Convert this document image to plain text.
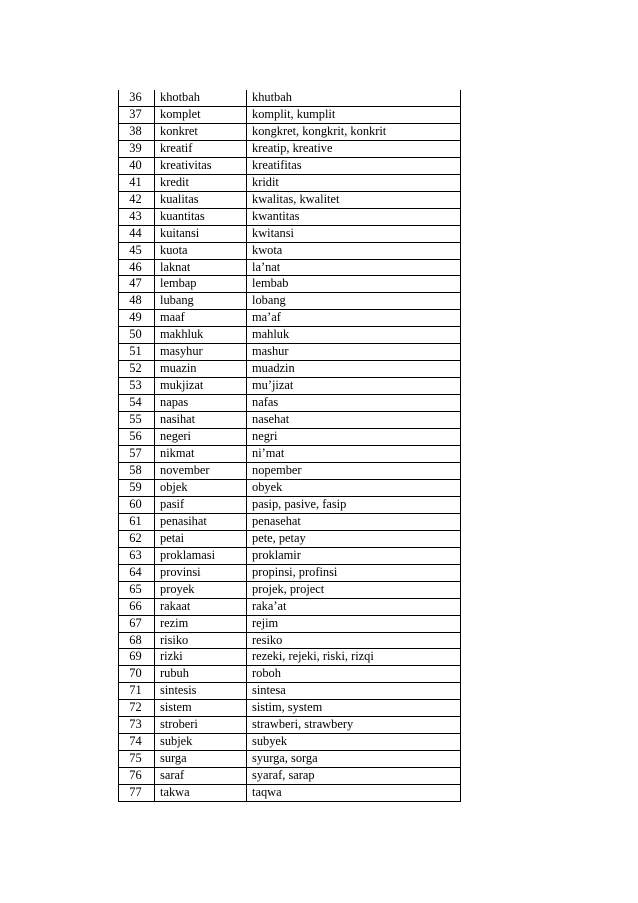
36	khotbah	khutbah
37	komplet	komplit, kumplit
38	konkret	kongkret, kongkrit, konkrit
39	kreatif	kreatip, kreative
40	kreativitas	kreatifitas
41	kredit	kridit
42	kualitas	kwalitas, kwalitet
43	kuantitas	kwantitas
44	kuitansi	kwitansi
45	kuota	kwota
46	laknat	la’nat
47	lembap	lembab
48	lubang	lobang
49	maaf	ma’af
50	makhluk	mahluk
51	masyhur	mashur
52	muazin	muadzin
53	mukjizat	mu’jizat
54	napas	nafas
55	nasihat	nasehat
56	negeri	negri
57	nikmat	ni’mat
58	november	nopember
59	objek	obyek
60	pasif	pasip, pasive, fasip
61	penasihat	penasehat
62	petai	pete, petay
63	proklamasi	proklamir
64	provinsi	propinsi, profinsi
65	proyek	projek, project
66	rakaat	raka’at
67	rezim	rejim
68	risiko	resiko
69	rizki	rezeki, rejeki, riski, rizqi
70	rubuh	roboh
71	sintesis	sintesa
72	sistem	sistim, system
73	stroberi	strawberi, strawbery
74	subjek	subyek
75	surga	syurga, sorga
76	saraf	syaraf, sarap
77	takwa	taqwa
